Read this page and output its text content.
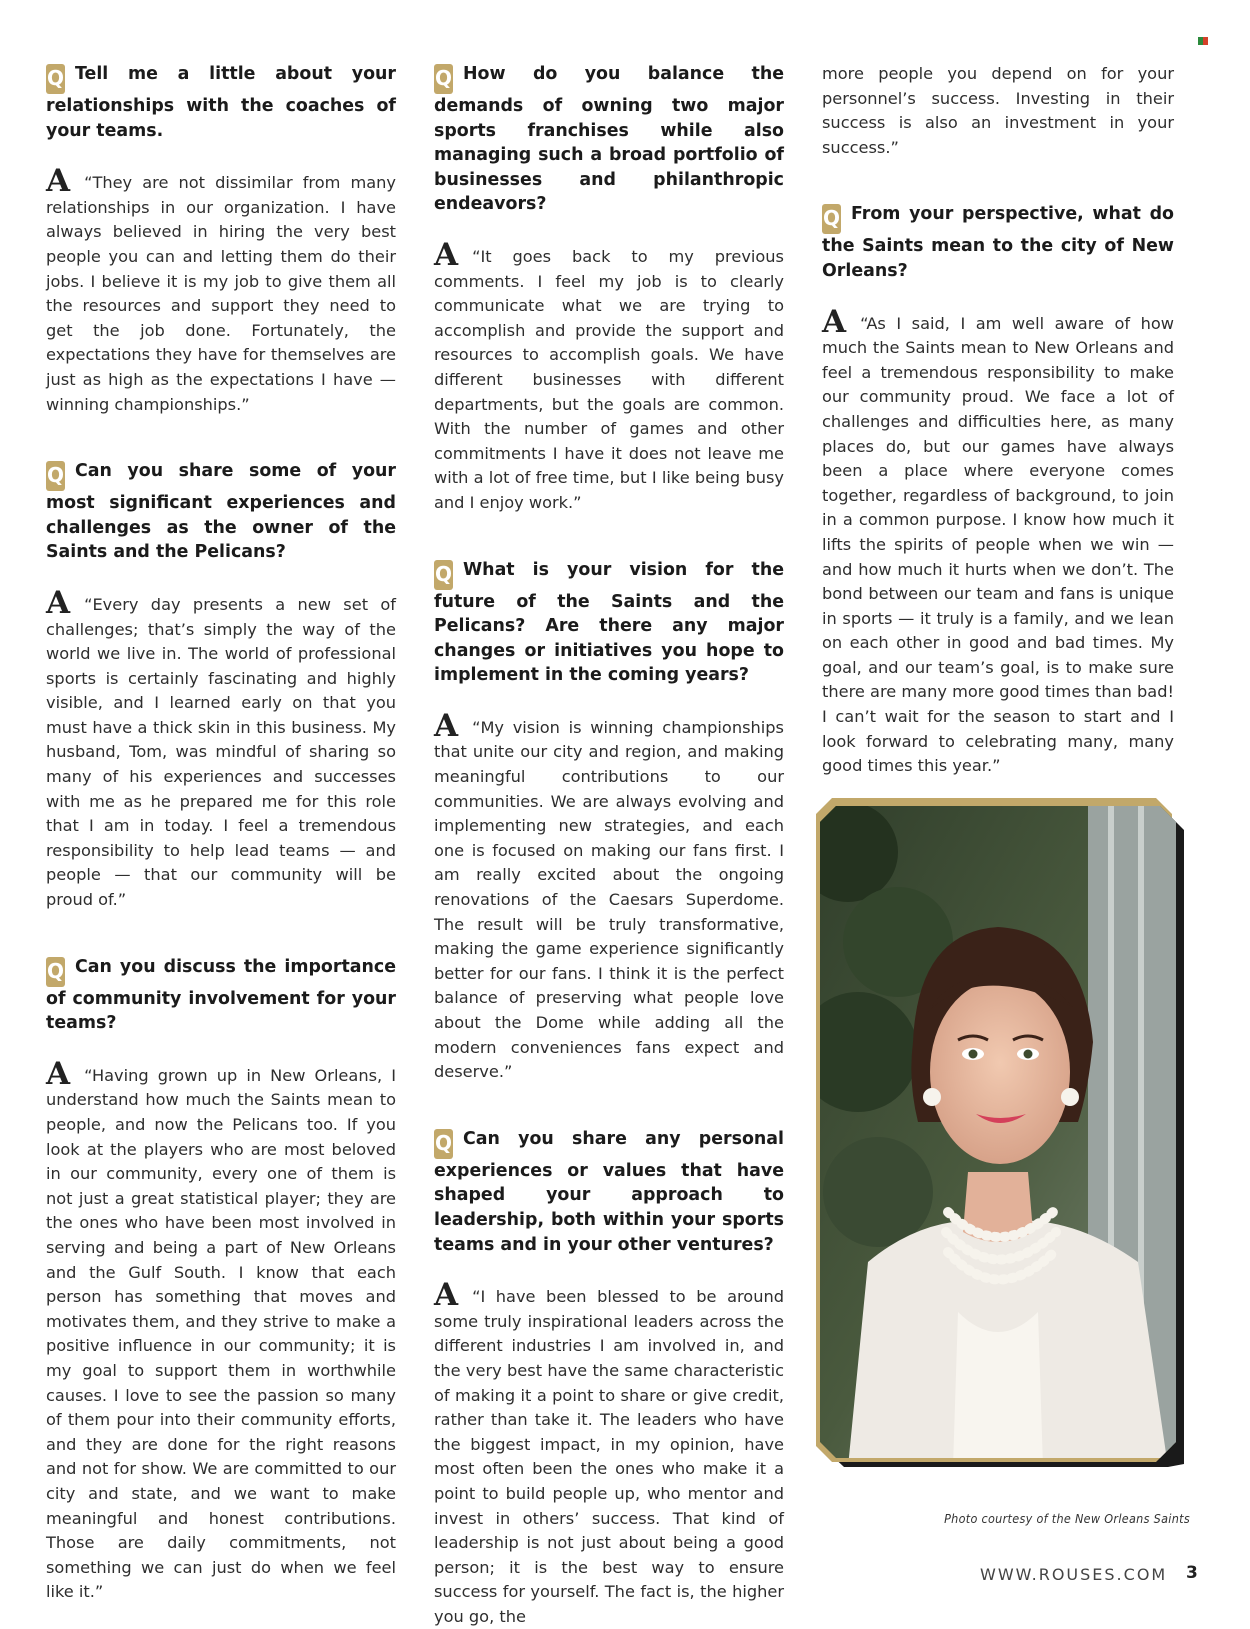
Q Tell me a little about your relationships with the coaches of your teams.

A “They are not dissimilar from many relationships in our organization. I have always believed in hiring the very best people you can and letting them do their jobs. I believe it is my job to give them all the resources and support they need to get the job done. Fortunately, the expectations they have for themselves are just as high as the expectations I have — winning championships.”

Q Can you share some of your most significant experiences and challenges as the owner of the Saints and the Pelicans?

A “Every day presents a new set of challenges; that’s simply the way of the world we live in. The world of professional sports is certainly fascinating and highly visible, and I learned early on that you must have a thick skin in this business. My husband, Tom, was mindful of sharing so many of his experiences and successes with me as he prepared me for this role that I am in today. I feel a tremendous responsibility to help lead teams — and people — that our community will be proud of.”

Q Can you discuss the importance of community involvement for your teams?

A “Having grown up in New Orleans, I understand how much the Saints mean to people, and now the Pelicans too. If you look at the players who are most beloved in our community, every one of them is not just a great statistical player; they are the ones who have been most involved in serving and being a part of New Orleans and the Gulf South. I know that each person has something that moves and motivates them, and they strive to make a positive influence in our community; it is my goal to support them in worthwhile causes. I love to see the passion so many of them pour into their community efforts, and they are done for the right reasons and not for show. We are committed to our city and state, and we want to make meaningful and honest contributions. Those are daily commitments, not something we can just do when we feel like it.”

Q How do you balance the demands of owning two major sports franchises while also managing such a broad portfolio of businesses and philanthropic endeavors?

A “It goes back to my previous comments. I feel my job is to clearly communicate what we are trying to accomplish and provide the support and resources to accomplish goals. We have different businesses with different departments, but the goals are common. With the number of games and other commitments I have it does not leave me with a lot of free time, but I like being busy and I enjoy work.”

Q What is your vision for the future of the Saints and the Pelicans? Are there any major changes or initiatives you hope to implement in the coming years?

A “My vision is winning championships that unite our city and region, and making meaningful contributions to our communities. We are always evolving and implementing new strategies, and each one is focused on making our fans first. I am really excited about the ongoing renovations of the Caesars Superdome. The result will be truly transformative, making the game experience significantly better for our fans. I think it is the perfect balance of preserving what people love about the Dome while adding all the modern conveniences fans expect and deserve.”

Q Can you share any personal experiences or values that have shaped your approach to leadership, both within your sports teams and in your other ventures?

A “I have been blessed to be around some truly inspirational leaders across the different industries I am involved in, and the very best have the same characteristic of making it a point to share or give credit, rather than take it. The leaders who have the biggest impact, in my opinion, have most often been the ones who make it a point to build people up, who mentor and invest in others’ success. That kind of leadership is not just about being a good person; it is the best way to ensure success for yourself. The fact is, the higher you go, the

more people you depend on for your personnel’s success. Investing in their success is also an investment in your success.”

Q From your perspective, what do the Saints mean to the city of New Orleans?

A “As I said, I am well aware of how much the Saints mean to New Orleans and feel a tremendous responsibility to make our community proud. We face a lot of challenges and difficulties here, as many places do, but our games have always been a place where everyone comes together, regardless of background, to join in a common purpose. I know how much it lifts the spirits of people when we win — and how much it hurts when we don’t. The bond between our team and fans is unique in sports — it truly is a family, and we lean on each other in good and bad times. My goal, and our team’s goal, is to make sure there are many more good times than bad! I can’t wait for the season to start and I look forward to celebrating many, many good times this year.”

Photo courtesy of the New Orleans Saints
WWW.ROUSES.COM 3
